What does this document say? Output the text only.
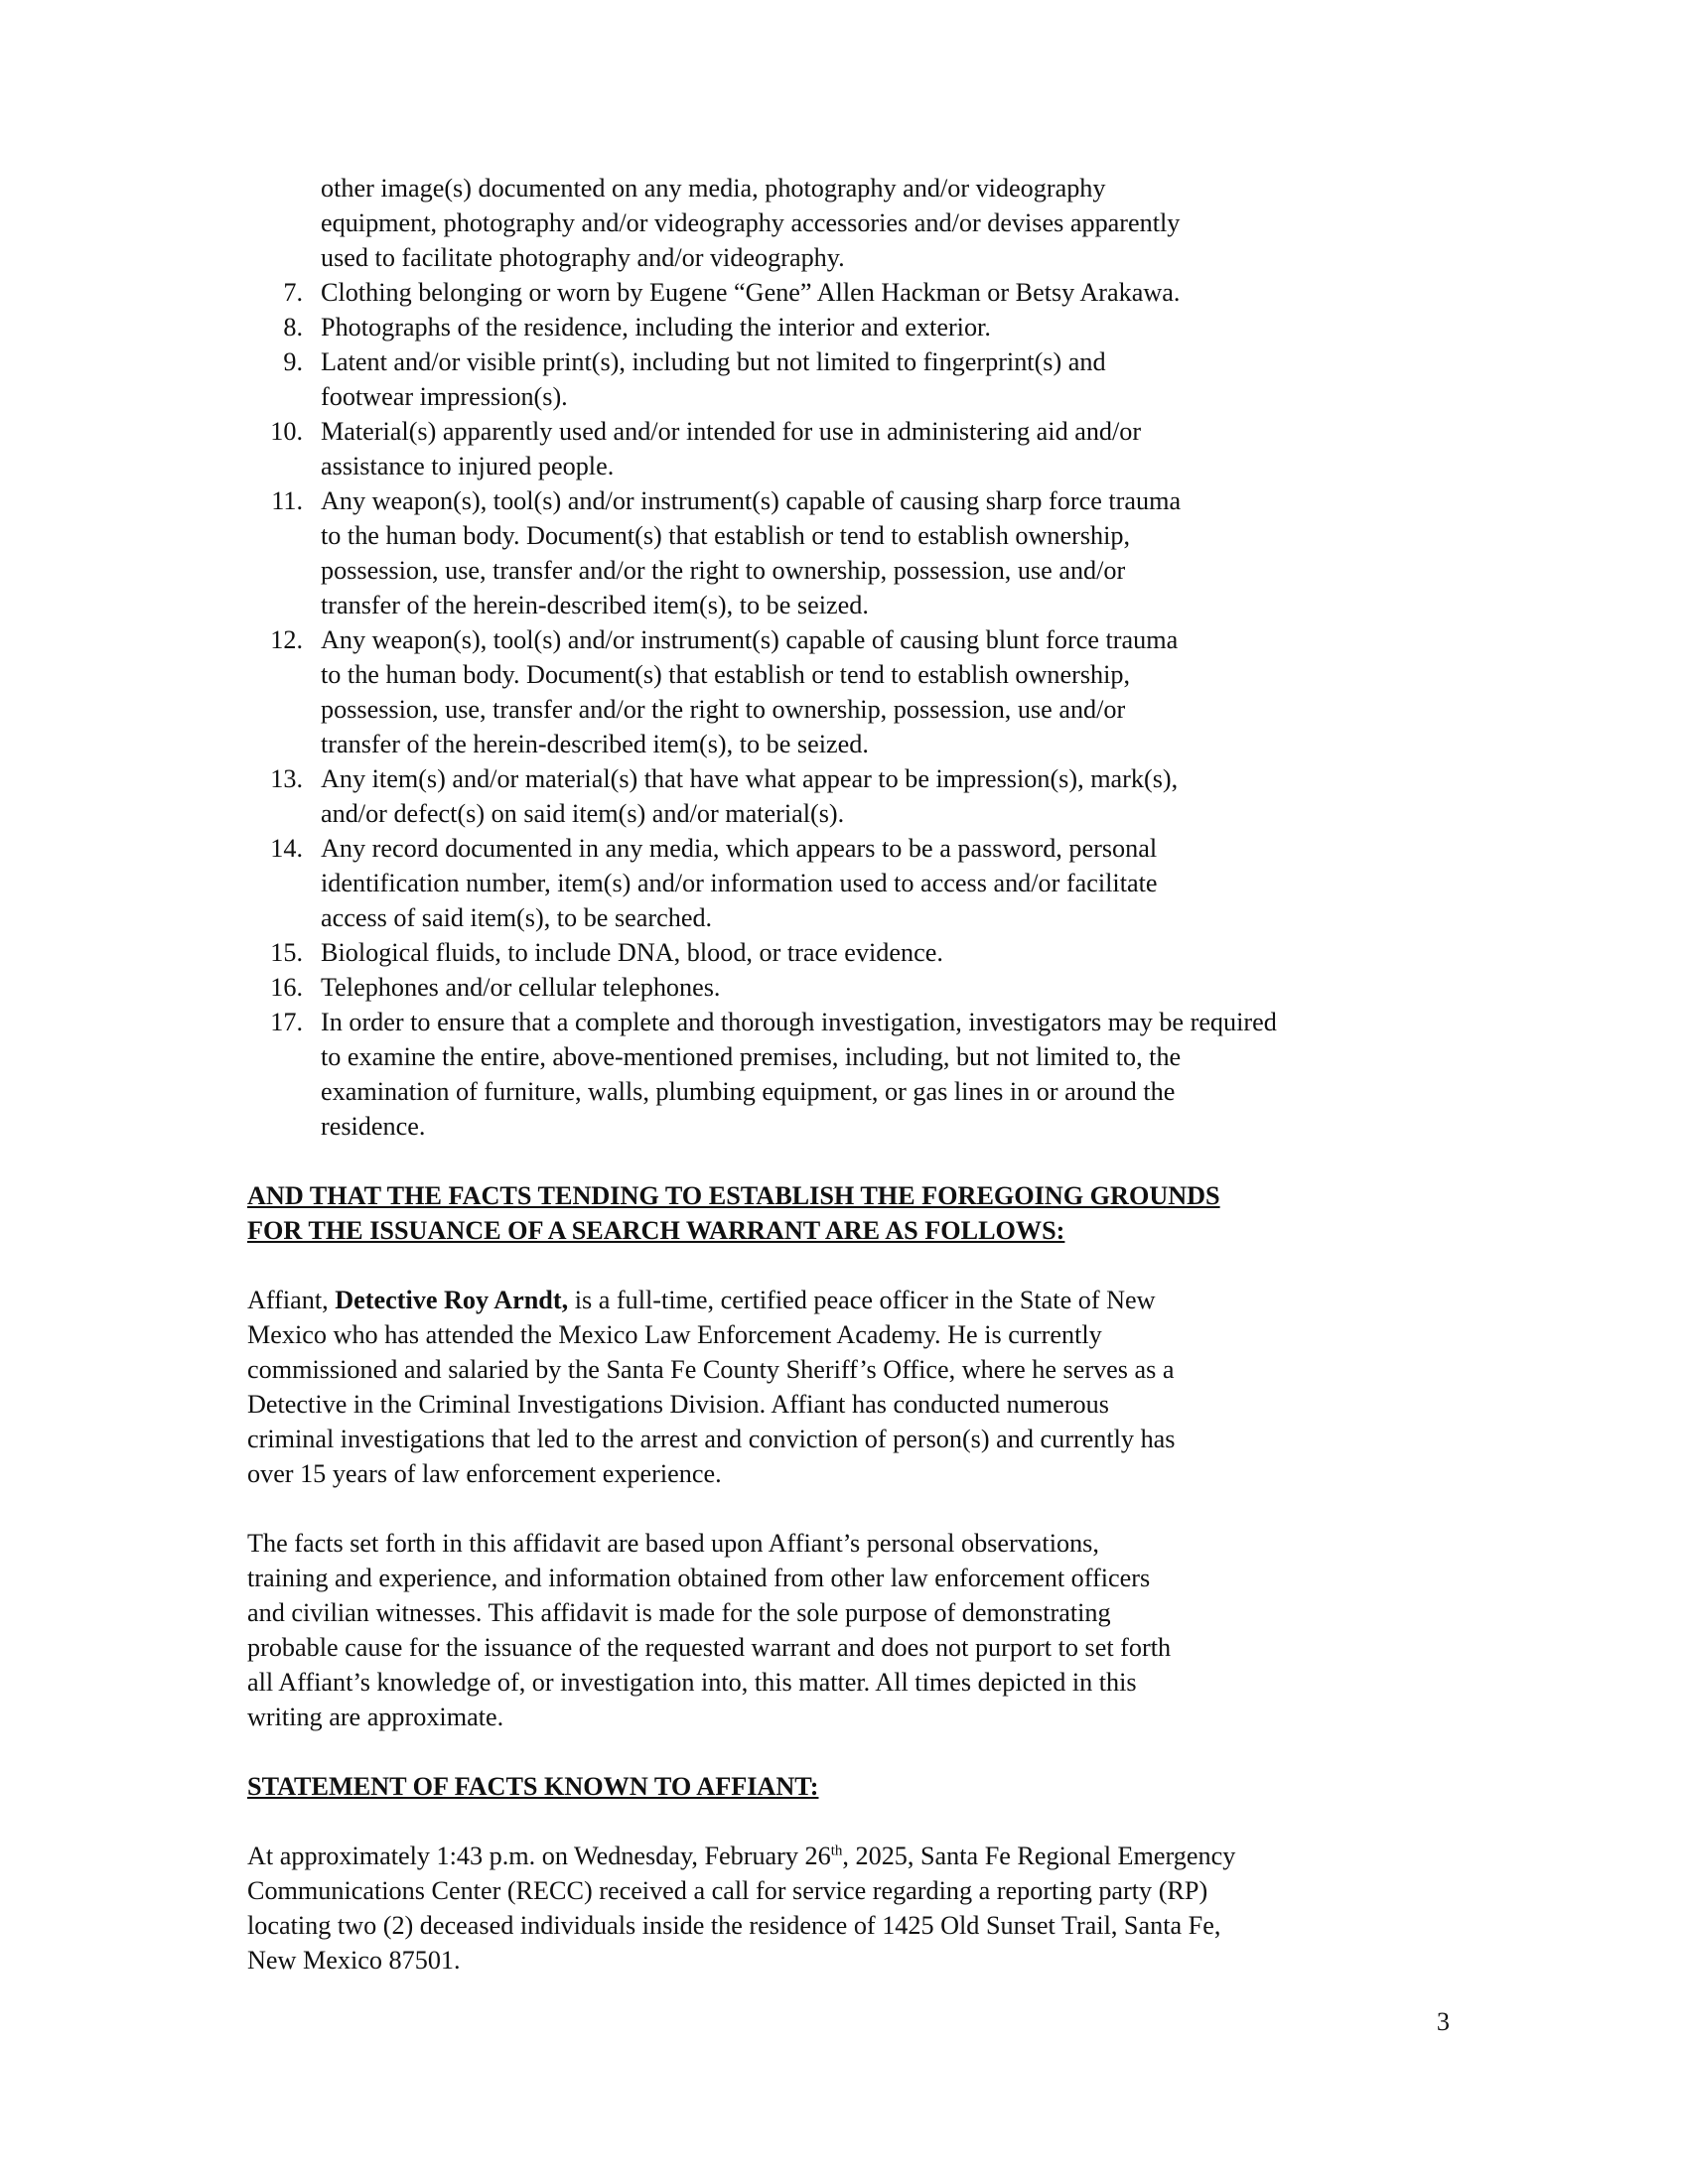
other image(s) documented on any media, photography and/or videography
equipment, photography and/or videography accessories and/or devises apparently
used to facilitate photography and/or videography.
7. Clothing belonging or worn by Eugene “Gene” Allen Hackman or Betsy Arakawa.
8. Photographs of the residence, including the interior and exterior.
9. Latent and/or visible print(s), including but not limited to fingerprint(s) and
footwear impression(s).
10. Material(s) apparently used and/or intended for use in administering aid and/or
assistance to injured people.
11. Any weapon(s), tool(s) and/or instrument(s) capable of causing sharp force trauma
to the human body. Document(s) that establish or tend to establish ownership,
possession, use, transfer and/or the right to ownership, possession, use and/or
transfer of the herein-described item(s), to be seized.
12. Any weapon(s), tool(s) and/or instrument(s) capable of causing blunt force trauma
to the human body. Document(s) that establish or tend to establish ownership,
possession, use, transfer and/or the right to ownership, possession, use and/or
transfer of the herein-described item(s), to be seized.
13. Any item(s) and/or material(s) that have what appear to be impression(s), mark(s),
and/or defect(s) on said item(s) and/or material(s).
14. Any record documented in any media, which appears to be a password, personal
identification number, item(s) and/or information used to access and/or facilitate
access of said item(s), to be searched.
15. Biological fluids, to include DNA, blood, or trace evidence.
16. Telephones and/or cellular telephones.
17. In order to ensure that a complete and thorough investigation, investigators may be required
to examine the entire, above-mentioned premises, including, but not limited to, the
examination of furniture, walls, plumbing equipment, or gas lines in or around the
residence.
AND THAT THE FACTS TENDING TO ESTABLISH THE FOREGOING GROUNDS
FOR THE ISSUANCE OF A SEARCH WARRANT ARE AS FOLLOWS:

Affiant, Detective Roy Arndt, is a full-time, certified peace officer in the State of New
Mexico who has attended the Mexico Law Enforcement Academy. He is currently
commissioned and salaried by the Santa Fe County Sheriff’s Office, where he serves as a
Detective in the Criminal Investigations Division. Affiant has conducted numerous
criminal investigations that led to the arrest and conviction of person(s) and currently has
over 15 years of law enforcement experience.

The facts set forth in this affidavit are based upon Affiant’s personal observations,
training and experience, and information obtained from other law enforcement officers
and civilian witnesses. This affidavit is made for the sole purpose of demonstrating
probable cause for the issuance of the requested warrant and does not purport to set forth
all Affiant’s knowledge of, or investigation into, this matter. All times depicted in this
writing are approximate.

STATEMENT OF FACTS KNOWN TO AFFIANT:

At approximately 1:43 p.m. on Wednesday, February 26th, 2025, Santa Fe Regional Emergency
Communications Center (RECC) received a call for service regarding a reporting party (RP)
locating two (2) deceased individuals inside the residence of 1425 Old Sunset Trail, Santa Fe,
New Mexico 87501.

3
